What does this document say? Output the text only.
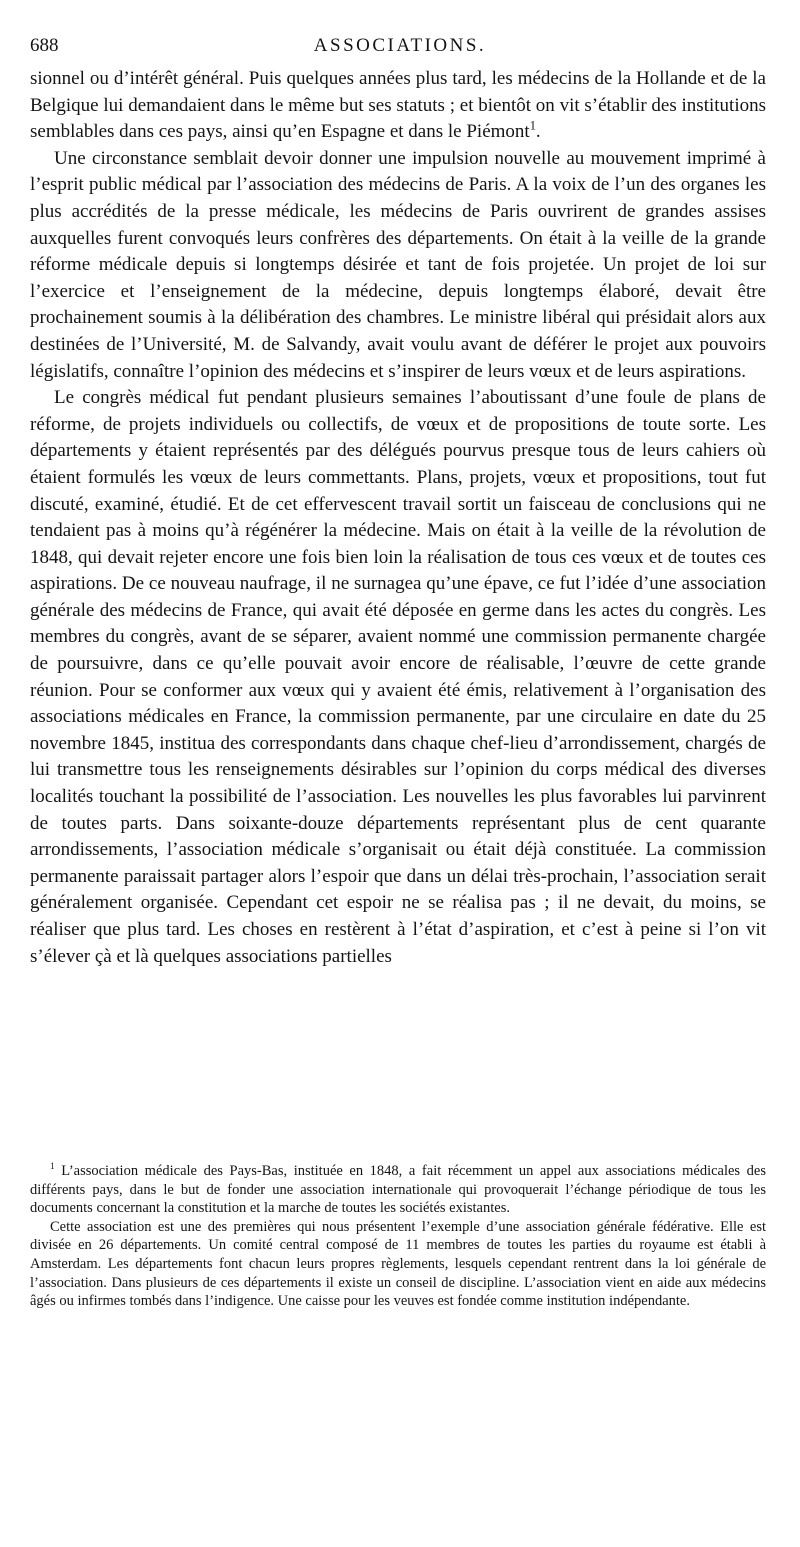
688	ASSOCIATIONS.

sionnel ou d’intérêt général. Puis quelques années plus tard, les médecins de la Hollande et de la Belgique lui demandaient dans le même but ses statuts ; et bientôt on vit s’établir des institutions semblables dans ces pays, ainsi qu’en Espagne et dans le Piémont$^1$.

Une circonstance semblait devoir donner une impulsion nouvelle au mouvement imprimé à l’esprit public médical par l’association des médecins de Paris. A la voix de l’un des organes les plus accrédités de la presse médicale, les médecins de Paris ouvrirent de grandes assises auxquelles furent convoqués leurs confrères des départements. On était à la veille de la grande réforme médicale depuis si longtemps désirée et tant de fois projetée. Un projet de loi sur l’exercice et l’enseignement de la médecine, depuis longtemps élaboré, devait être prochainement soumis à la délibération des chambres. Le ministre libéral qui présidait alors aux destinées de l’Université, M. de Salvandy, avait voulu avant de déférer le projet aux pouvoirs législatifs, connaître l’opinion des médecins et s’inspirer de leurs vœux et de leurs aspirations.

Le congrès médical fut pendant plusieurs semaines l’aboutissant d’une foule de plans de réforme, de projets individuels ou collectifs, de vœux et de propositions de toute sorte. Les départements y étaient représentés par des délégués pourvus presque tous de leurs cahiers où étaient formulés les vœux de leurs commettants. Plans, projets, vœux et propositions, tout fut discuté, examiné, étudié. Et de cet effervescent travail sortit un faisceau de conclusions qui ne tendaient pas à moins qu’à régénérer la médecine. Mais on était à la veille de la révolution de 1848, qui devait rejeter encore une fois bien loin la réalisation de tous ces vœux et de toutes ces aspirations. De ce nouveau naufrage, il ne surnagea qu’une épave, ce fut l’idée d’une association générale des médecins de France, qui avait été déposée en germe dans les actes du congrès. Les membres du congrès, avant de se séparer, avaient nommé une commission permanente chargée de poursuivre, dans ce qu’elle pouvait avoir encore de réalisable, l’œuvre de cette grande réunion. Pour se conformer aux vœux qui y avaient été émis, relativement à l’organisation des associations médicales en France, la commission permanente, par une circulaire en date du 25 novembre 1845, institua des correspondants dans chaque chef-lieu d’arrondissement, chargés de lui transmettre tous les renseignements désirables sur l’opinion du corps médical des diverses localités touchant la possibilité de l’association. Les nouvelles les plus favorables lui parvinrent de toutes parts. Dans soixante-douze départements représentant plus de cent quarante arrondissements, l’association médicale s’organisait ou était déjà constituée. La commission permanente paraissait partager alors l’espoir que dans un délai très-prochain, l’association serait généralement organisée. Cependant cet espoir ne se réalisa pas ; il ne devait, du moins, se réaliser que plus tard. Les choses en restèrent à l’état d’aspiration, et c’est à peine si l’on vit s’élever çà et là quelques associations partielles

$^1$ L’association médicale des Pays-Bas, instituée en 1848, a fait récemment un appel aux associations médicales des différents pays, dans le but de fonder une association internationale qui provoquerait l’échange périodique de tous les documents concernant la constitution et la marche de toutes les sociétés existantes.

Cette association est une des premières qui nous présentent l’exemple d’une association générale fédérative. Elle est divisée en 26 départements. Un comité central composé de 11 membres de toutes les parties du royaume est établi à Amsterdam. Les départements font chacun leurs propres règlements, lesquels cependant rentrent dans la loi générale de l’association. Dans plusieurs de ces départements il existe un conseil de discipline. L’association vient en aide aux médecins âgés ou infirmes tombés dans l’indigence. Une caisse pour les veuves est fondée comme institution indépendante.
